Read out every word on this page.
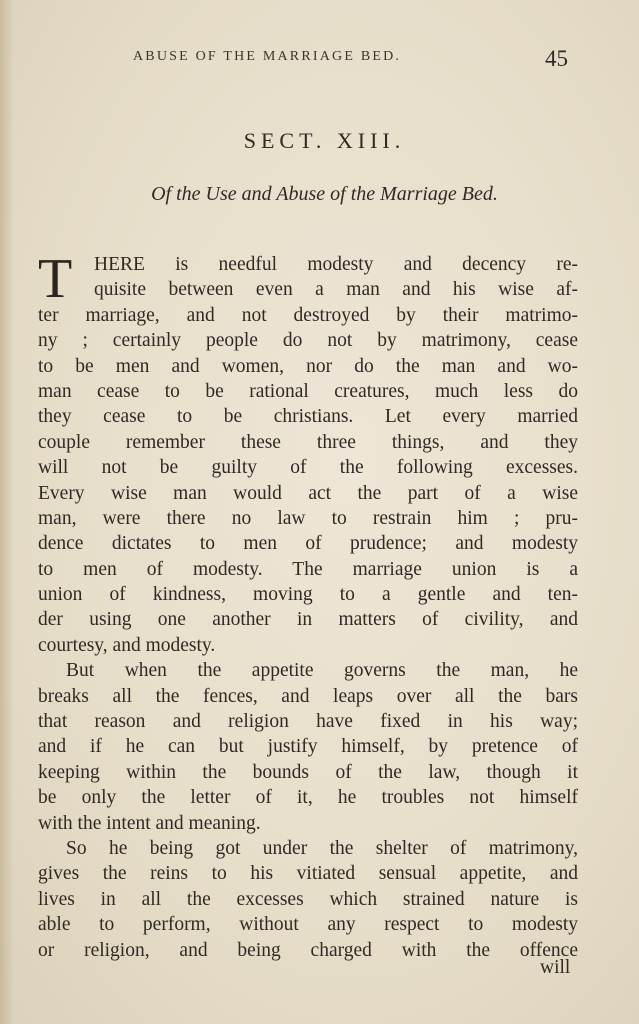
ABUSE OF THE MARRIAGE BED.	45
SECT. XIII.
Of the Use and Abuse of the Marriage Bed.
T	HERE is needful modesty and decency re-
quisite between even a man and his wise af-
ter marriage, and not destroyed by their matrimo-
ny ; certainly people do not by matrimony, cease
to be men and women, nor do the man and wo-
man cease to be rational creatures, much less do
they cease to be christians. Let every married
couple remember these three things, and they
will not be guilty of the following excesses.
Every wise man would act the part of a wise
man, were there no law to restrain him ; pru-
dence dictates to men of prudence; and modesty
to men of modesty. The marriage union is a
union of kindness, moving to a gentle and ten-
der using one another in matters of civility, and
courtesy, and modesty.
But when the appetite governs the man, he
breaks all the fences, and leaps over all the bars
that reason and religion have fixed in his way;
and if he can but justify himself, by pretence of
keeping within the bounds of the law, though it
be only the letter of it, he troubles not himself
with the intent and meaning.
So he being got under the shelter of matrimony,
gives the reins to his vitiated sensual appetite, and
lives in all the excesses which strained nature is
able to perform, without any respect to modesty
or religion, and being charged with the offence
will
